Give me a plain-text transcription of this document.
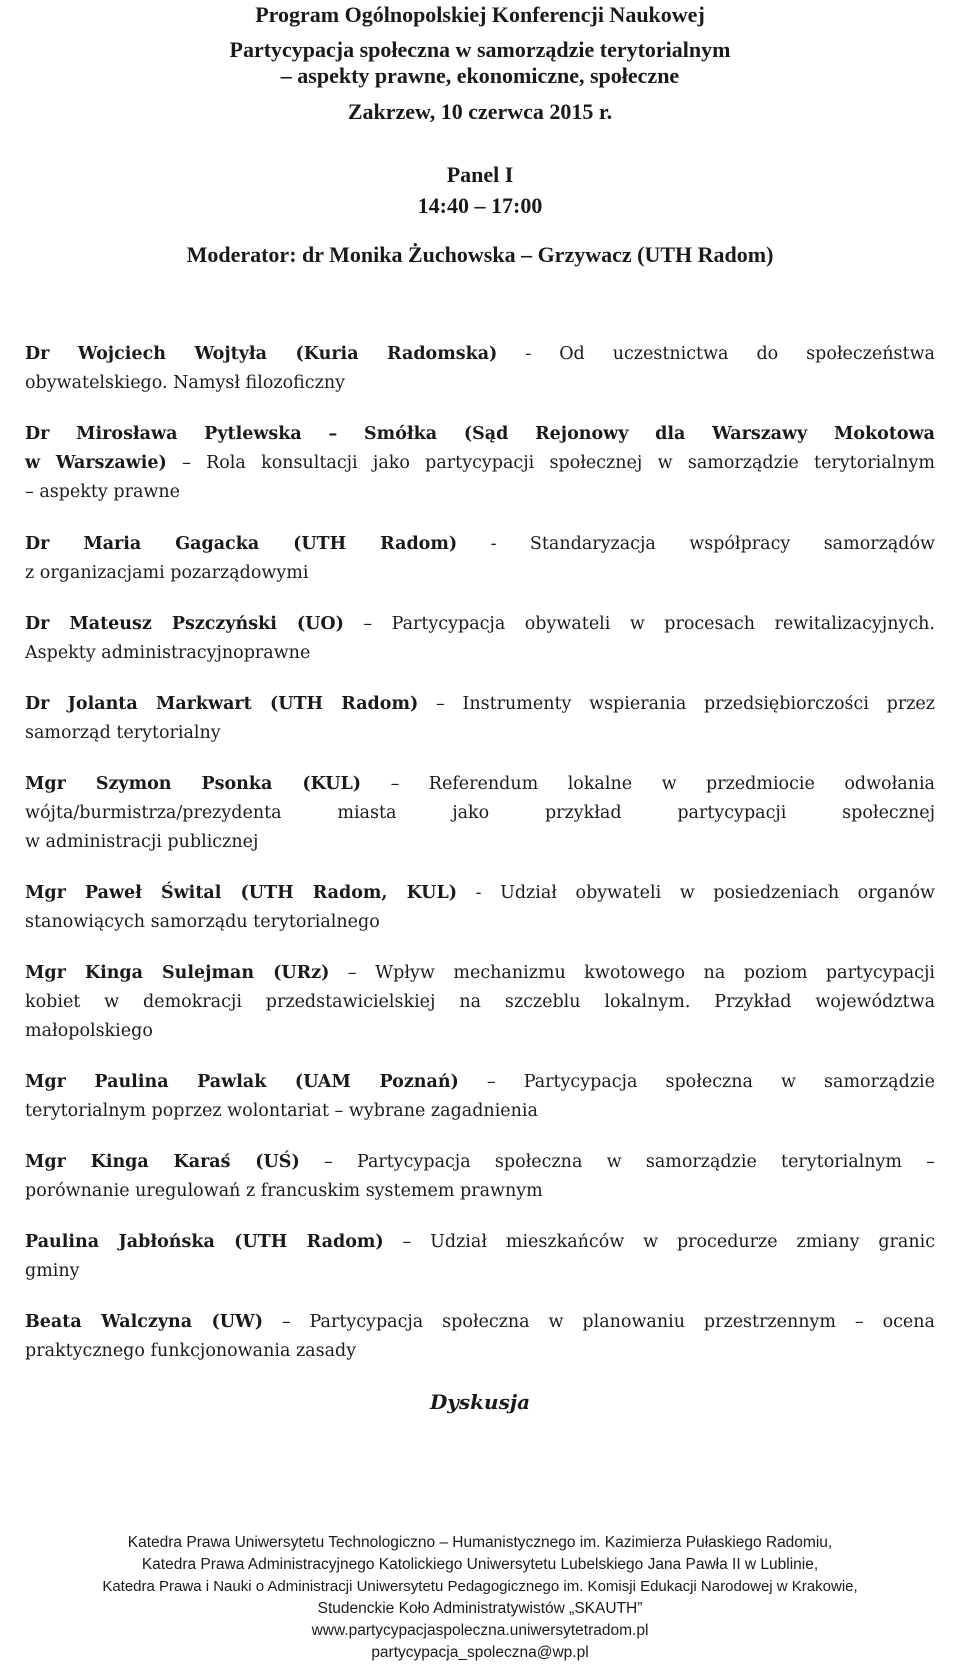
Program Ogólnopolskiej Konferencji Naukowej
Partycypacja społeczna w samorządzie terytorialnym
– aspekty prawne, ekonomiczne, społeczne
Zakrzew, 10 czerwca 2015 r.
Panel I
14:40 – 17:00
Moderator: dr Monika Żuchowska – Grzywacz (UTH Radom)
Dr Wojciech Wojtyła (Kuria Radomska) - Od uczestnictwa do społeczeństwa
obywatelskiego. Namysł filozoficzny
Dr Mirosława Pytlewska – Smółka (Sąd Rejonowy dla Warszawy Mokotowa
w Warszawie) – Rola konsultacji jako partycypacji społecznej w samorządzie terytorialnym
– aspekty prawne
Dr Maria Gagacka (UTH Radom) - Standaryzacja współpracy samorządów
z organizacjami pozarządowymi
Dr Mateusz Pszczyński (UO) – Partycypacja obywateli w procesach rewitalizacyjnych.
Aspekty administracyjnoprawne
Dr Jolanta Markwart (UTH Radom) – Instrumenty wspierania przedsiębiorczości przez
samorząd terytorialny
Mgr Szymon Psonka (KUL) – Referendum lokalne w przedmiocie odwołania
wójta/burmistrza/prezydenta miasta jako przykład partycypacji społecznej
w administracji publicznej
Mgr Paweł Śwital (UTH Radom, KUL) - Udział obywateli w posiedzeniach organów
stanowiących samorządu terytorialnego
Mgr Kinga Sulejman (URz) – Wpływ mechanizmu kwotowego na poziom partycypacji
kobiet w demokracji przedstawicielskiej na szczeblu lokalnym. Przykład województwa
małopolskiego
Mgr Paulina Pawlak (UAM Poznań) – Partycypacja społeczna w samorządzie
terytorialnym poprzez wolontariat – wybrane zagadnienia
Mgr Kinga Karaś (UŚ) – Partycypacja społeczna w samorządzie terytorialnym –
porównanie uregulowań z francuskim systemem prawnym
Paulina Jabłońska (UTH Radom) – Udział mieszkańców w procedurze zmiany granic
gminy
Beata Walczyna (UW) – Partycypacja społeczna w planowaniu przestrzennym – ocena
praktycznego funkcjonowania zasady
Dyskusja
Katedra Prawa Uniwersytetu Technologiczno – Humanistycznego im. Kazimierza Pułaskiego Radomiu,
Katedra Prawa Administracyjnego Katolickiego Uniwersytetu Lubelskiego Jana Pawła II w Lublinie,
Katedra Prawa i Nauki o Administracji Uniwersytetu Pedagogicznego im. Komisji Edukacji Narodowej w Krakowie,
Studenckie Koło Administratywistów „SKAUTH”
www.partycypacjaspoleczna.uniwersytetradom.pl
partycypacja_spoleczna@wp.pl
